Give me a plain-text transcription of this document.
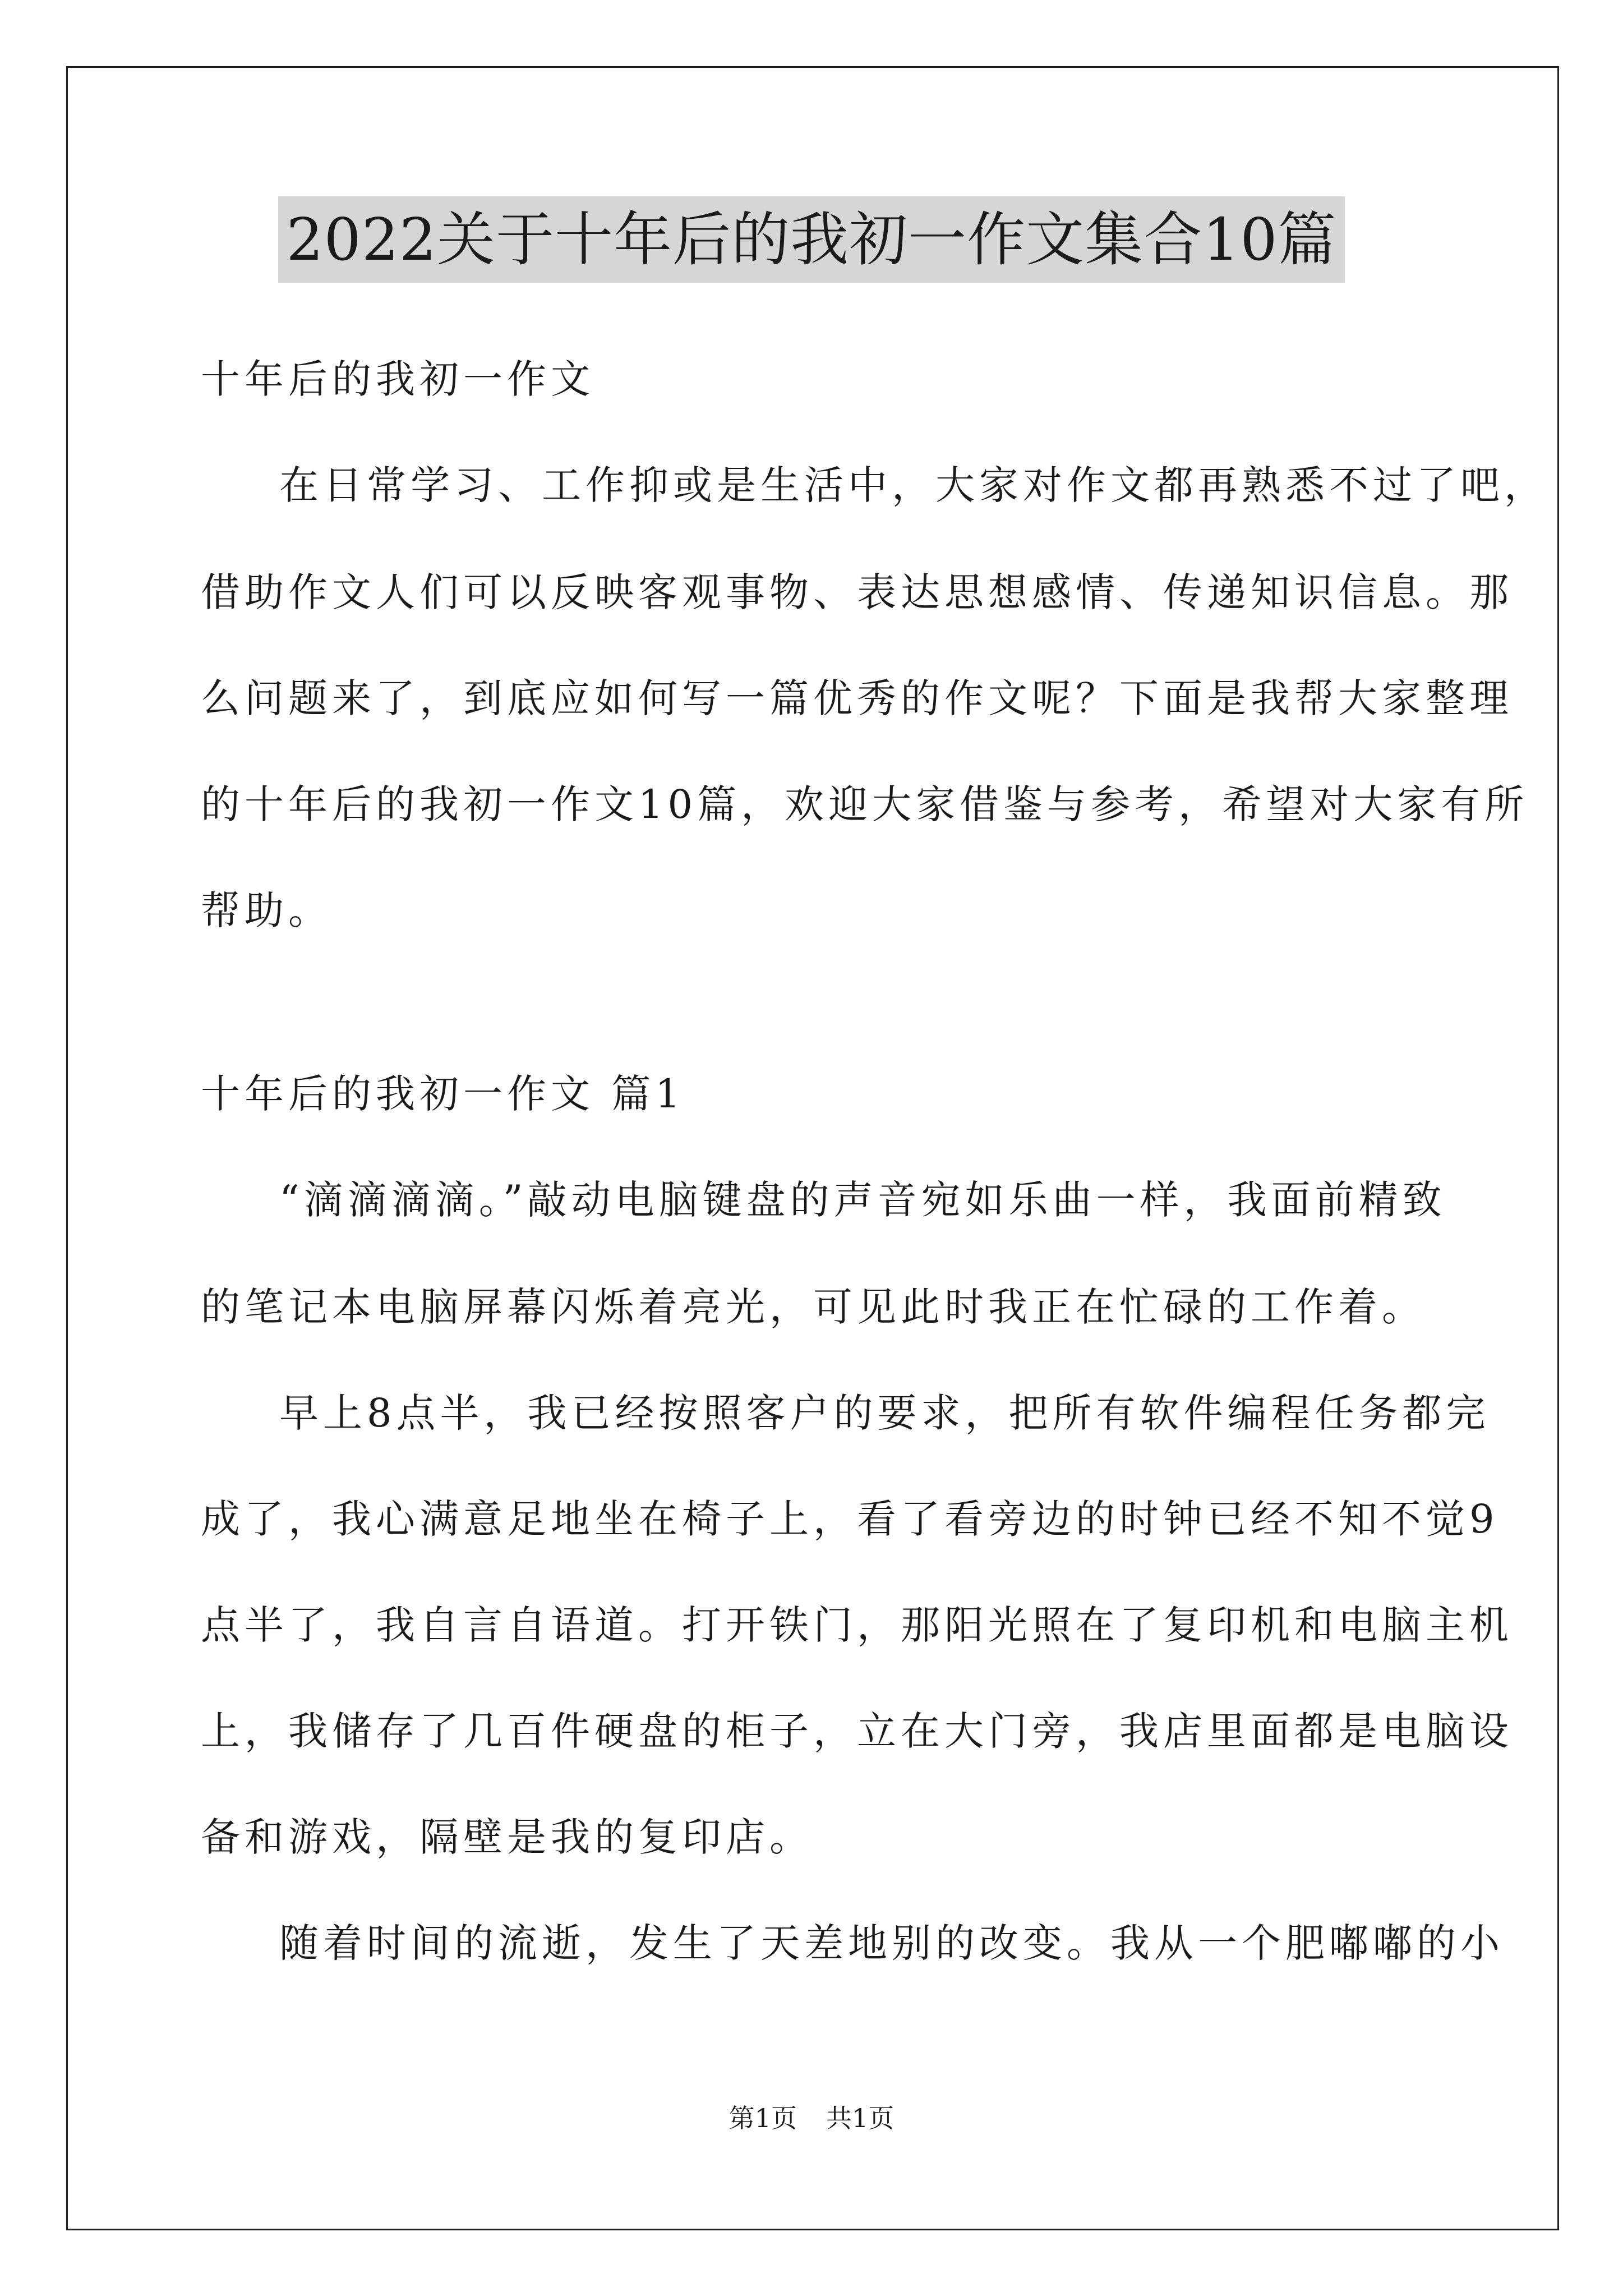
2022关于十年后的我初一作文集合10篇
十年后的我初一作文
在日常学习、工作抑或是生活中，大家对作文都再熟悉不过了吧，
借助作文人们可以反映客观事物、表达思想感情、传递知识信息。那
么问题来了，到底应如何写一篇优秀的作文呢？下面是我帮大家整理
的十年后的我初一作文10篇，欢迎大家借鉴与参考，希望对大家有所
帮助。
十年后的我初一作文 篇1
“滴滴滴滴。”敲动电脑键盘的声音宛如乐曲一样，我面前精致
的笔记本电脑屏幕闪烁着亮光，可见此时我正在忙碌的工作着。
早上8点半，我已经按照客户的要求，把所有软件编程任务都完
成了，我心满意足地坐在椅子上，看了看旁边的时钟已经不知不觉9
点半了，我自言自语道。打开铁门，那阳光照在了复印机和电脑主机
上，我储存了几百件硬盘的柜子，立在大门旁，我店里面都是电脑设
备和游戏，隔壁是我的复印店。
随着时间的流逝，发生了天差地别的改变。我从一个肥嘟嘟的小
第1页 共1页
